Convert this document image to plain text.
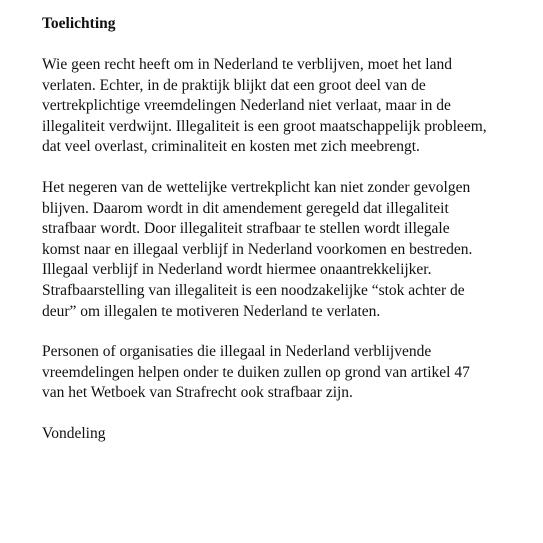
Toelichting
Wie geen recht heeft om in Nederland te verblijven, moet het land
verlaten. Echter, in de praktijk blijkt dat een groot deel van de
vertrekplichtige vreemdelingen Nederland niet verlaat, maar in de
illegaliteit verdwijnt. Illegaliteit is een groot maatschappelijk probleem,
dat veel overlast, criminaliteit en kosten met zich meebrengt.
Het negeren van de wettelijke vertrekplicht kan niet zonder gevolgen
blijven. Daarom wordt in dit amendement geregeld dat illegaliteit
strafbaar wordt. Door illegaliteit strafbaar te stellen wordt illegale
komst naar en illegaal verblijf in Nederland voorkomen en bestreden.
Illegaal verblijf in Nederland wordt hiermee onaantrekkelijker.
Strafbaarstelling van illegaliteit is een noodzakelijke “stok achter de
deur” om illegalen te motiveren Nederland te verlaten.
Personen of organisaties die illegaal in Nederland verblijvende
vreemdelingen helpen onder te duiken zullen op grond van artikel 47
van het Wetboek van Strafrecht ook strafbaar zijn.
Vondeling
